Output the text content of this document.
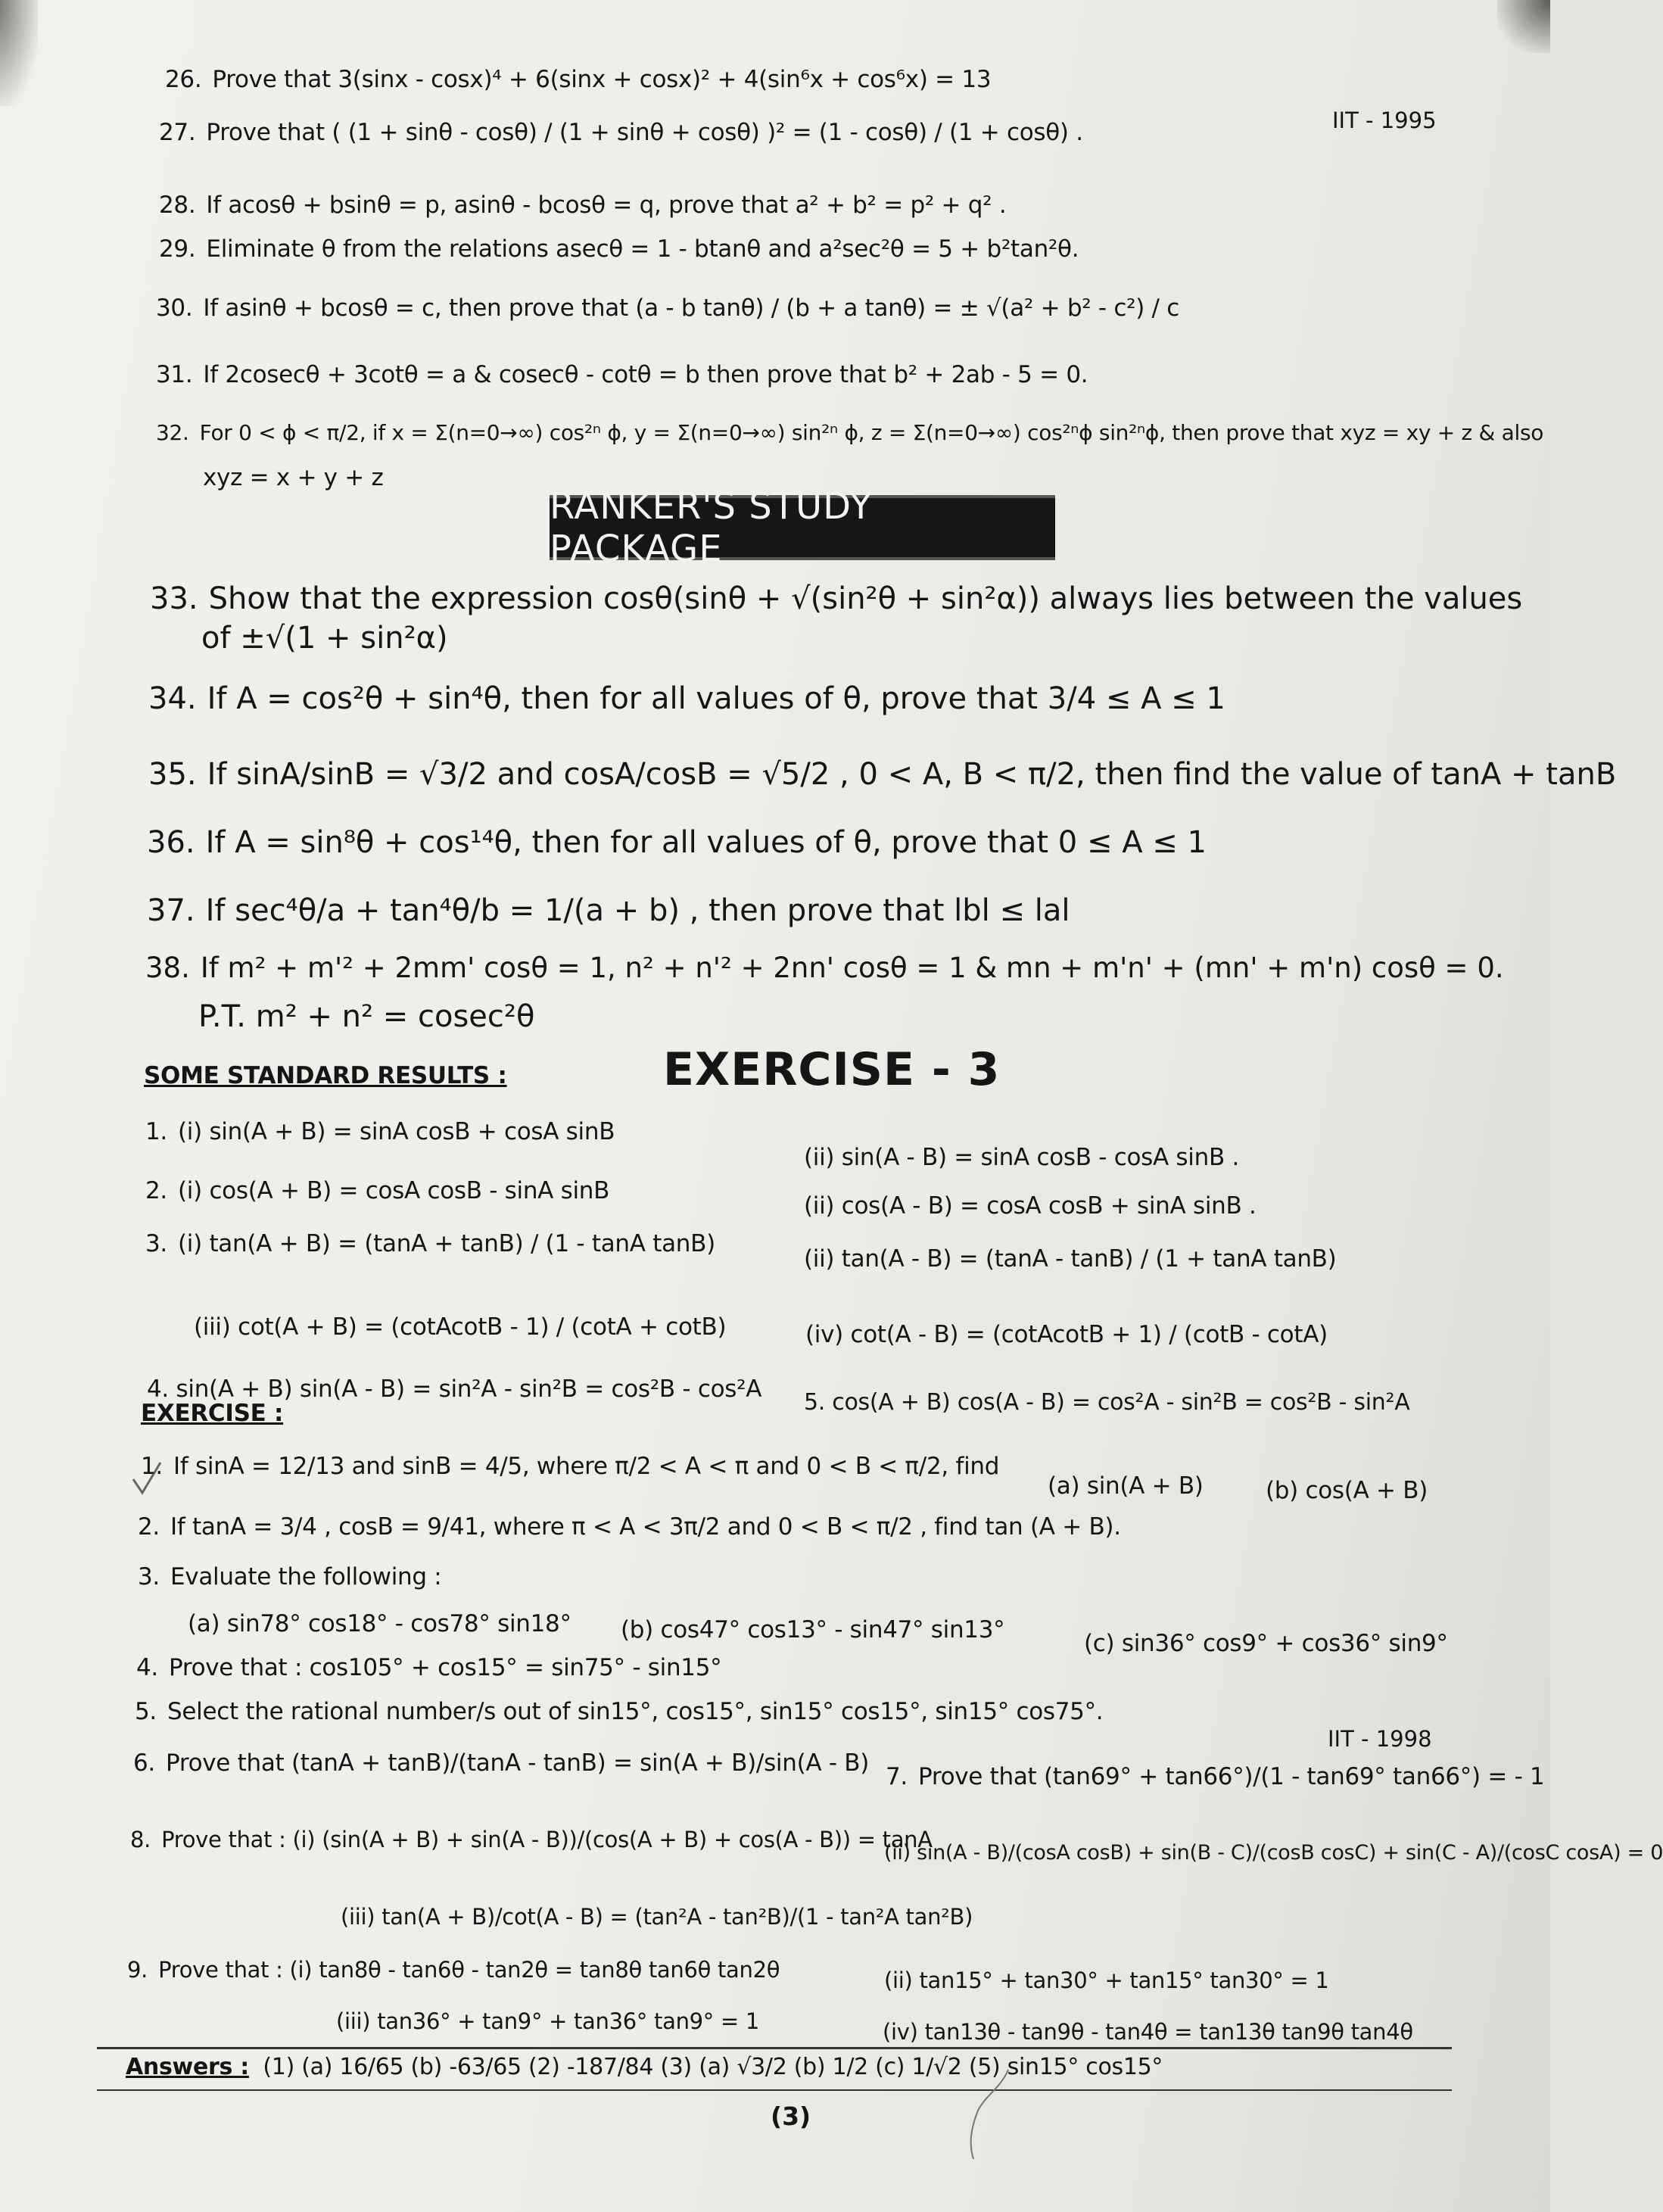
26. Prove that 3(sinx - cosx)⁴ + 6(sinx + cosx)² + 4(sin⁶x + cos⁶x) = 13
27. Prove that ( (1 + sinθ - cosθ) / (1 + sinθ + cosθ) )² = (1 - cosθ) / (1 + cosθ) .	IIT - 1995
28. If acosθ + bsinθ = p, asinθ - bcosθ = q, prove that a² + b² = p² + q² .
29. Eliminate θ from the relations asecθ = 1 - btanθ and a²sec²θ = 5 + b²tan²θ.
30. If asinθ + bcosθ = c, then prove that (a - b tanθ) / (b + a tanθ) = ± √(a² + b² - c²) / c
31. If 2cosecθ + 3cotθ = a & cosecθ - cotθ = b then prove that b² + 2ab - 5 = 0.
32. For 0 < ϕ < π/2, if x = Σ(n=0→∞) cos²ⁿ ϕ, y = Σ(n=0→∞) sin²ⁿ ϕ, z = Σ(n=0→∞) cos²ⁿϕ sin²ⁿϕ, then prove that xyz = xy + z & also
xyz = x + y + z
RANKER'S STUDY PACKAGE
33. Show that the expression cosθ(sinθ + √(sin²θ + sin²α)) always lies between the values
of ±√(1 + sin²α)
34. If A = cos²θ + sin⁴θ, then for all values of θ, prove that 3/4 ≤ A ≤ 1
35. If sinA/sinB = √3/2 and cosA/cosB = √5/2 , 0 < A, B < π/2, then find the value of tanA + tanB
36. If A = sin⁸θ + cos¹⁴θ, then for all values of θ, prove that 0 ≤ A ≤ 1
37. If sec⁴θ/a + tan⁴θ/b = 1/(a + b) , then prove that lbl ≤ lal
38. If m² + m'² + 2mm' cosθ = 1, n² + n'² + 2nn' cosθ = 1 & mn + m'n' + (mn' + m'n) cosθ = 0.
P.T. m² + n² = cosec²θ
SOME STANDARD RESULTS :	EXERCISE - 3
1. (i) sin(A + B) = sinA cosB + cosA sinB
(ii) sin(A - B) = sinA cosB - cosA sinB .
2. (i) cos(A + B) = cosA cosB - sinA sinB
(ii) cos(A - B) = cosA cosB + sinA sinB .
3. (i) tan(A + B) = (tanA + tanB) / (1 - tanA tanB)
(ii) tan(A - B) = (tanA - tanB) / (1 + tanA tanB)
(iii) cot(A + B) = (cotAcotB - 1) / (cotA + cotB)	(iv) cot(A - B) = (cotAcotB + 1) / (cotB - cotA)
4. sin(A + B) sin(A - B) = sin²A - sin²B = cos²B - cos²A 5. cos(A + B) cos(A - B) = cos²A - sin²B = cos²B - sin²A
EXERCISE :
1. If sinA = 12/13 and sinB = 4/5, where π/2 < A < π and 0 < B < π/2, find
(a) sin(A + B)	(b) cos(A + B)
2. If tanA = 3/4 , cosB = 9/41, where π < A < 3π/2 and 0 < B < π/2 , find tan (A + B).
3. Evaluate the following :
(a) sin78° cos18° - cos78° sin18° (b) cos47° cos13° - sin47° sin13°	(c) sin36° cos9° + cos36° sin9°
4. Prove that : cos105° + cos15° = sin75° - sin15°
5. Select the rational number/s out of sin15°, cos15°, sin15° cos15°, sin15° cos75°.
IIT - 1998
6. Prove that (tanA + tanB)/(tanA - tanB) = sin(A + B)/sin(A - B) 7. Prove that (tan69° + tan66°)/(1 - tan69° tan66°) = - 1
8. Prove that : (i) (sin(A + B) + sin(A - B))/(cos(A + B) + cos(A - B)) = tanA
(ii) sin(A - B)/(cosA cosB) + sin(B - C)/(cosB cosC) + sin(C - A)/(cosC cosA) = 0
(iii) tan(A + B)/cot(A - B) = (tan²A - tan²B)/(1 - tan²A tan²B)
9. Prove that : (i) tan8θ - tan6θ - tan2θ = tan8θ tan6θ tan2θ	(ii) tan15° + tan30° + tan15° tan30° = 1
(iii) tan36° + tan9° + tan36° tan9° = 1	(iv) tan13θ - tan9θ - tan4θ = tan13θ tan9θ tan4θ
Answers : (1) (a) 16/65 (b) -63/65 (2) -187/84 (3) (a) √3/2 (b) 1/2 (c) 1/√2 (5) sin15° cos15°
(3)
